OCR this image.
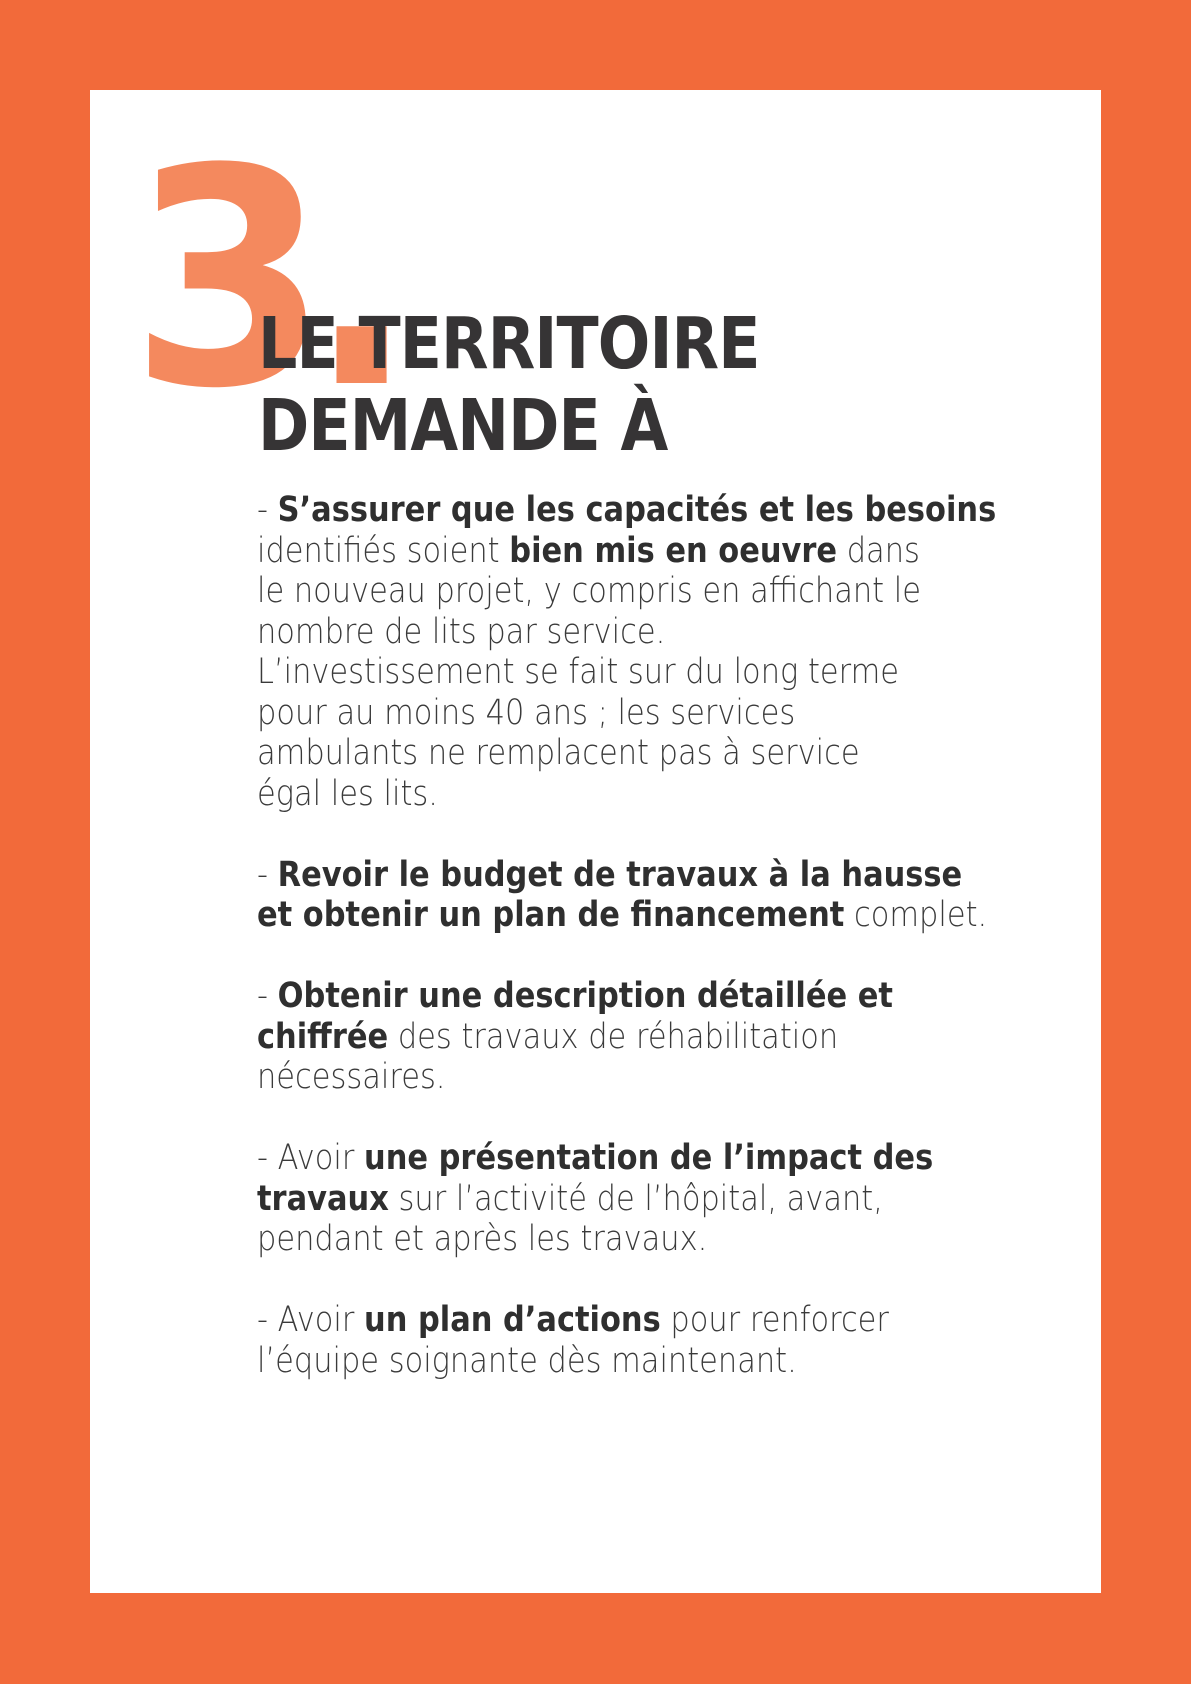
3.
LE TERRITOIRE
DEMANDE À

- S’assurer que les capacités et les besoins
identifiés soient bien mis en oeuvre dans
le nouveau projet, y compris en affichant le
nombre de lits par service.
L’investissement se fait sur du long terme
pour au moins 40 ans ; les services
ambulants ne remplacent pas à service
égal les lits.

- Revoir le budget de travaux à la hausse
et obtenir un plan de financement complet.

- Obtenir une description détaillée et
chiffrée des travaux de réhabilitation
nécessaires.

- Avoir une présentation de l’impact des
travaux sur l’activité de l’hôpital, avant,
pendant et après les travaux.

- Avoir un plan d’actions pour renforcer
l’équipe soignante dès maintenant.
